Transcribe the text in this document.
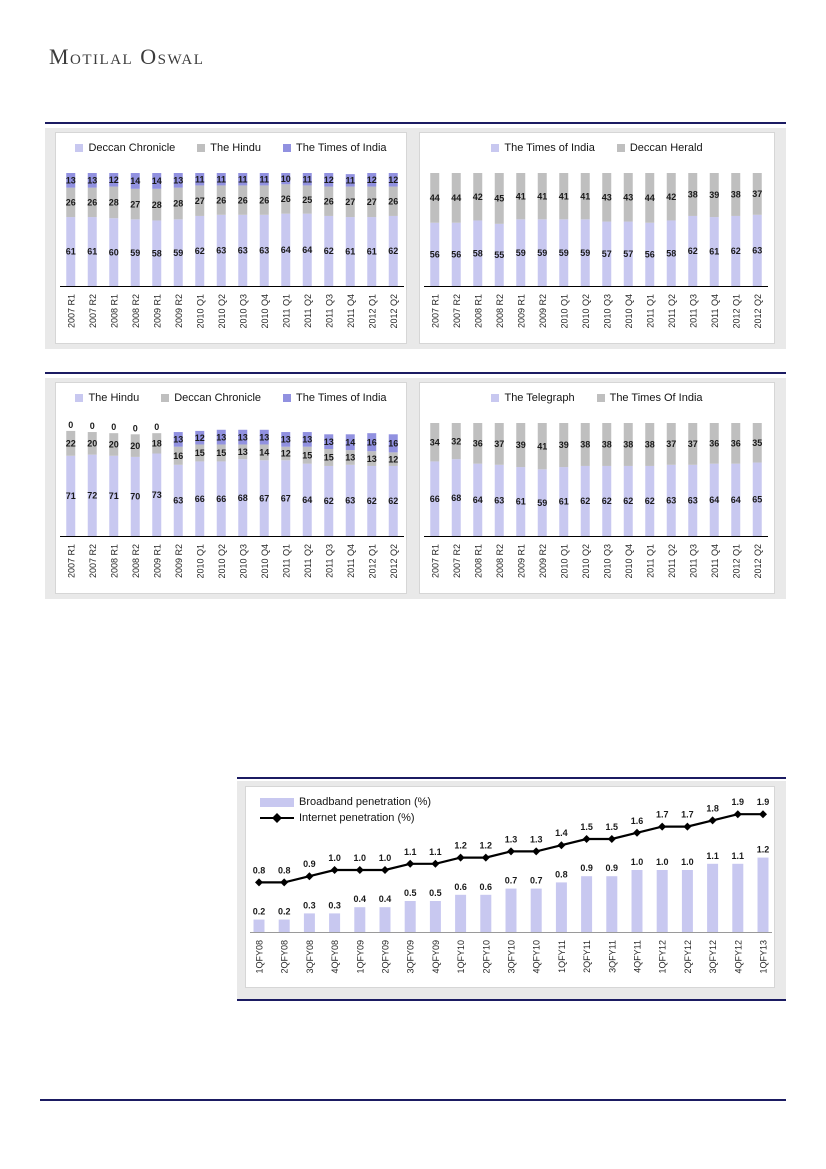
Motilal Oswal
Deccan Chronicle	The Hindu	The Times of India
61
26
13
2007 R1
61
26
13
2007 R2
60
28
12
2008 R1
59
27
14
2008 R2
58
28
14
2009 R1
59
28
13
2009 R2
62
27
11
2010 Q1
63
26
11
2010 Q2
63
26
11
2010 Q3
63
26
11
2010 Q4
64
26
10
2011 Q1
64
25
11
2011 Q2
62
26
12
2011 Q3
61
27
11
2011 Q4
61
27
12
2012 Q1
62
26
12
2012 Q2
The Times of India	Deccan Herald
56
44
2007 R1
56
44
2007 R2
58
42
2008 R1
55
45
2008 R2
59
41
2009 R1
59
41
2009 R2
59
41
2010 Q1
59
41
2010 Q2
57
43
2010 Q3
57
43
2010 Q4
56
44
2011 Q1
58
42
2011 Q2
62
38
2011 Q3
61
39
2011 Q4
62
38
2012 Q1
63
37
2012 Q2
The Hindu	Deccan Chronicle	The Times of India
71
22
0
2007 R1
72
20
0
2007 R2
71
20
0
2008 R1
70
20
0
2008 R2
73
18
0
2009 R1
63
16
13
2009 R2
66
15
12
2010 Q1
66
15
13
2010 Q2
68
13
13
2010 Q3
67
14
13
2010 Q4
67
12
13
2011 Q1
64
15
13
2011 Q2
62
15
13
2011 Q3
63
13
14
2011 Q4
62
13
16
2012 Q1
62
12
16
2012 Q2
The Telegraph	The Times Of India
66
34
2007 R1
68
32
2007 R2
64
36
2008 R1
63
37
2008 R2
61
39
2009 R1
59
41
2009 R2
61
39
2010 Q1
62
38
2010 Q2
62
38
2010 Q3
62
38
2010 Q4
62
38
2011 Q1
63
37
2011 Q2
63
37
2011 Q3
64
36
2011 Q4
64
36
2012 Q1
65
35
2012 Q2
Broadband penetration (%)
Internet penetration (%)
0.2
1QFY08
0.2
2QFY08
0.3
3QFY08
0.3
4QFY08
0.4
1QFY09
0.4
2QFY09
0.5
3QFY09
0.5
4QFY09
0.6
1QFY10
0.6
2QFY10
0.7
3QFY10
0.7
4QFY10
0.8
1QFY11
0.9
2QFY11
0.9
3QFY11
1.0
4QFY11
1.0
1QFY12
1.0
2QFY12
1.1
3QFY12
1.1
4QFY12
1.2
1QFY13
0.8 0.8
0.9
1.0 1.0 1.0
1.1 1.1
1.2 1.2
1.3 1.3
1.4
1.5 1.5
1.6
1.7 1.7
1.8
1.9 1.9
